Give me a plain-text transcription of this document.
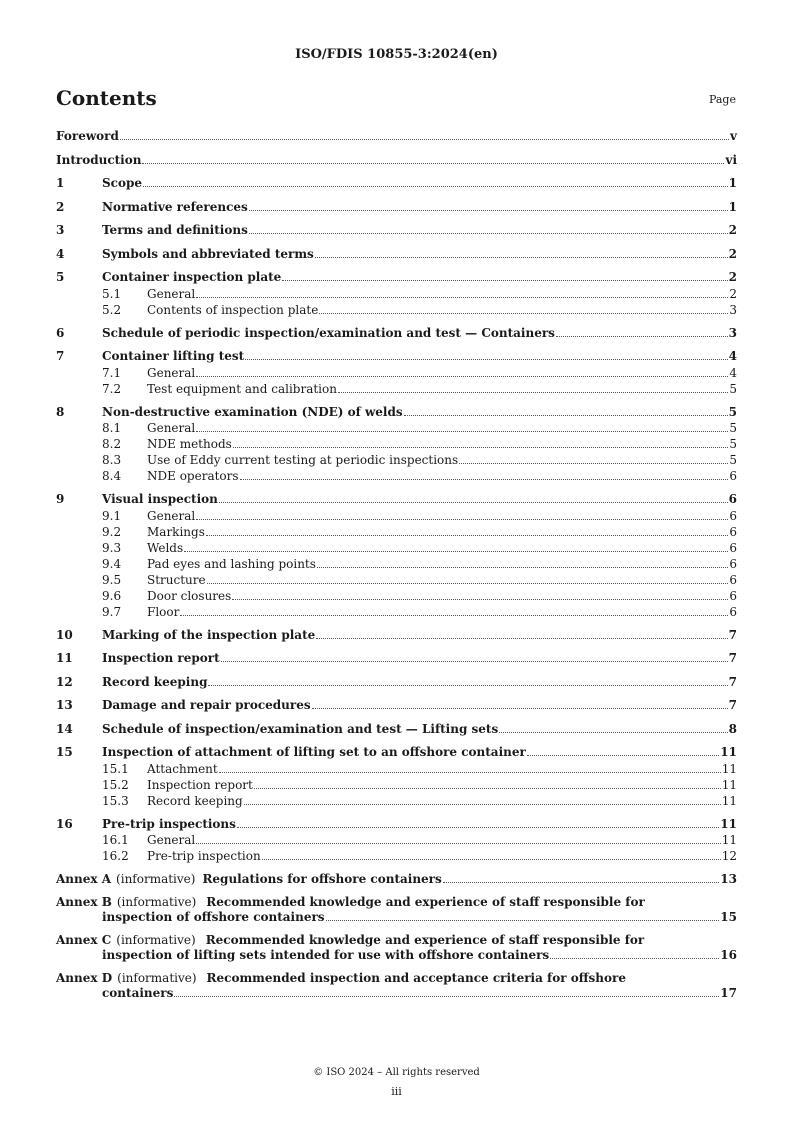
ISO/FDIS 10855-3:2024(en)
Contents	Page
Foreword	v
Introduction	vi
1	Scope	1
2	Normative references	1
3	Terms and definitions	2
4	Symbols and abbreviated terms	2
5	Container inspection plate	2
5.1	General	2
5.2	Contents of inspection plate	3
6	Schedule of periodic inspection/examination and test — Containers	3
7	Container lifting test	4
7.1	General	4
7.2	Test equipment and calibration	5
8	Non-destructive examination (NDE) of welds	5
8.1	General	5
8.2	NDE methods	5
8.3	Use of Eddy current testing at periodic inspections	5
8.4	NDE operators	6
9	Visual inspection	6
9.1	General	6
9.2	Markings	6
9.3	Welds	6
9.4	Pad eyes and lashing points	6
9.5	Structure	6
9.6	Door closures	6
9.7	Floor	6
10	Marking of the inspection plate	7
11	Inspection report	7
12	Record keeping	7
13	Damage and repair procedures	7
14	Schedule of inspection/examination and test — Lifting sets	8
15	Inspection of attachment of lifting set to an offshore container	11
15.1	Attachment	11
15.2	Inspection report	11
15.3	Record keeping	11
16	Pre-trip inspections	11
16.1	General	11
16.2	Pre-trip inspection	12
Annex A (informative) Regulations for offshore containers	13
Annex B (informative) Recommended knowledge and experience of staff responsible for
inspection of offshore containers	15
Annex C (informative) Recommended knowledge and experience of staff responsible for
inspection of lifting sets intended for use with offshore containers	16
Annex D (informative) Recommended inspection and acceptance criteria for offshore
containers	17
© ISO 2024 – All rights reserved
iii
